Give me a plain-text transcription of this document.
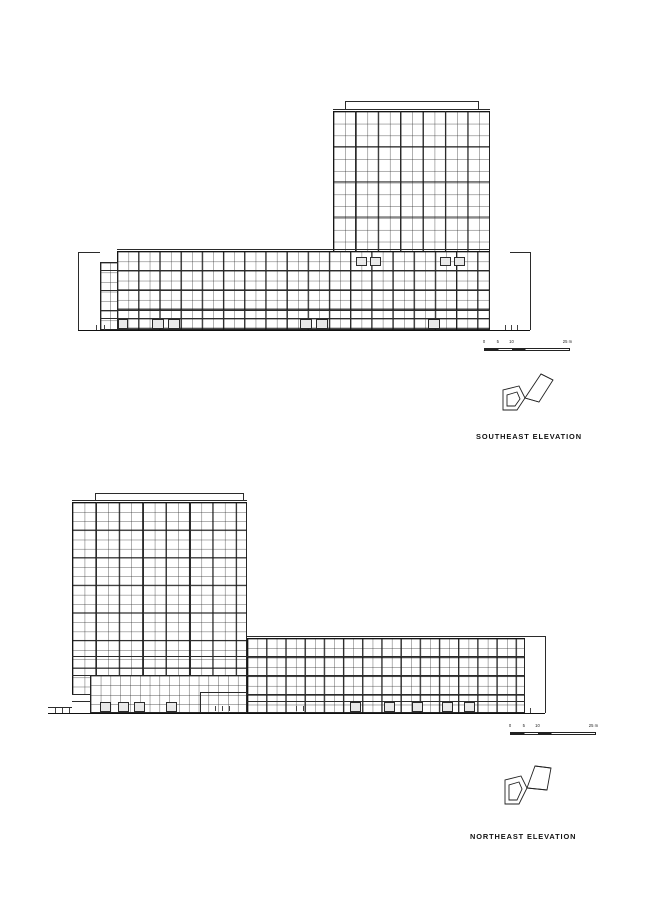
0	5 10	25 m
SOUTHEAST ELEVATION
0	5 10	25 m
NORTHEAST ELEVATION
